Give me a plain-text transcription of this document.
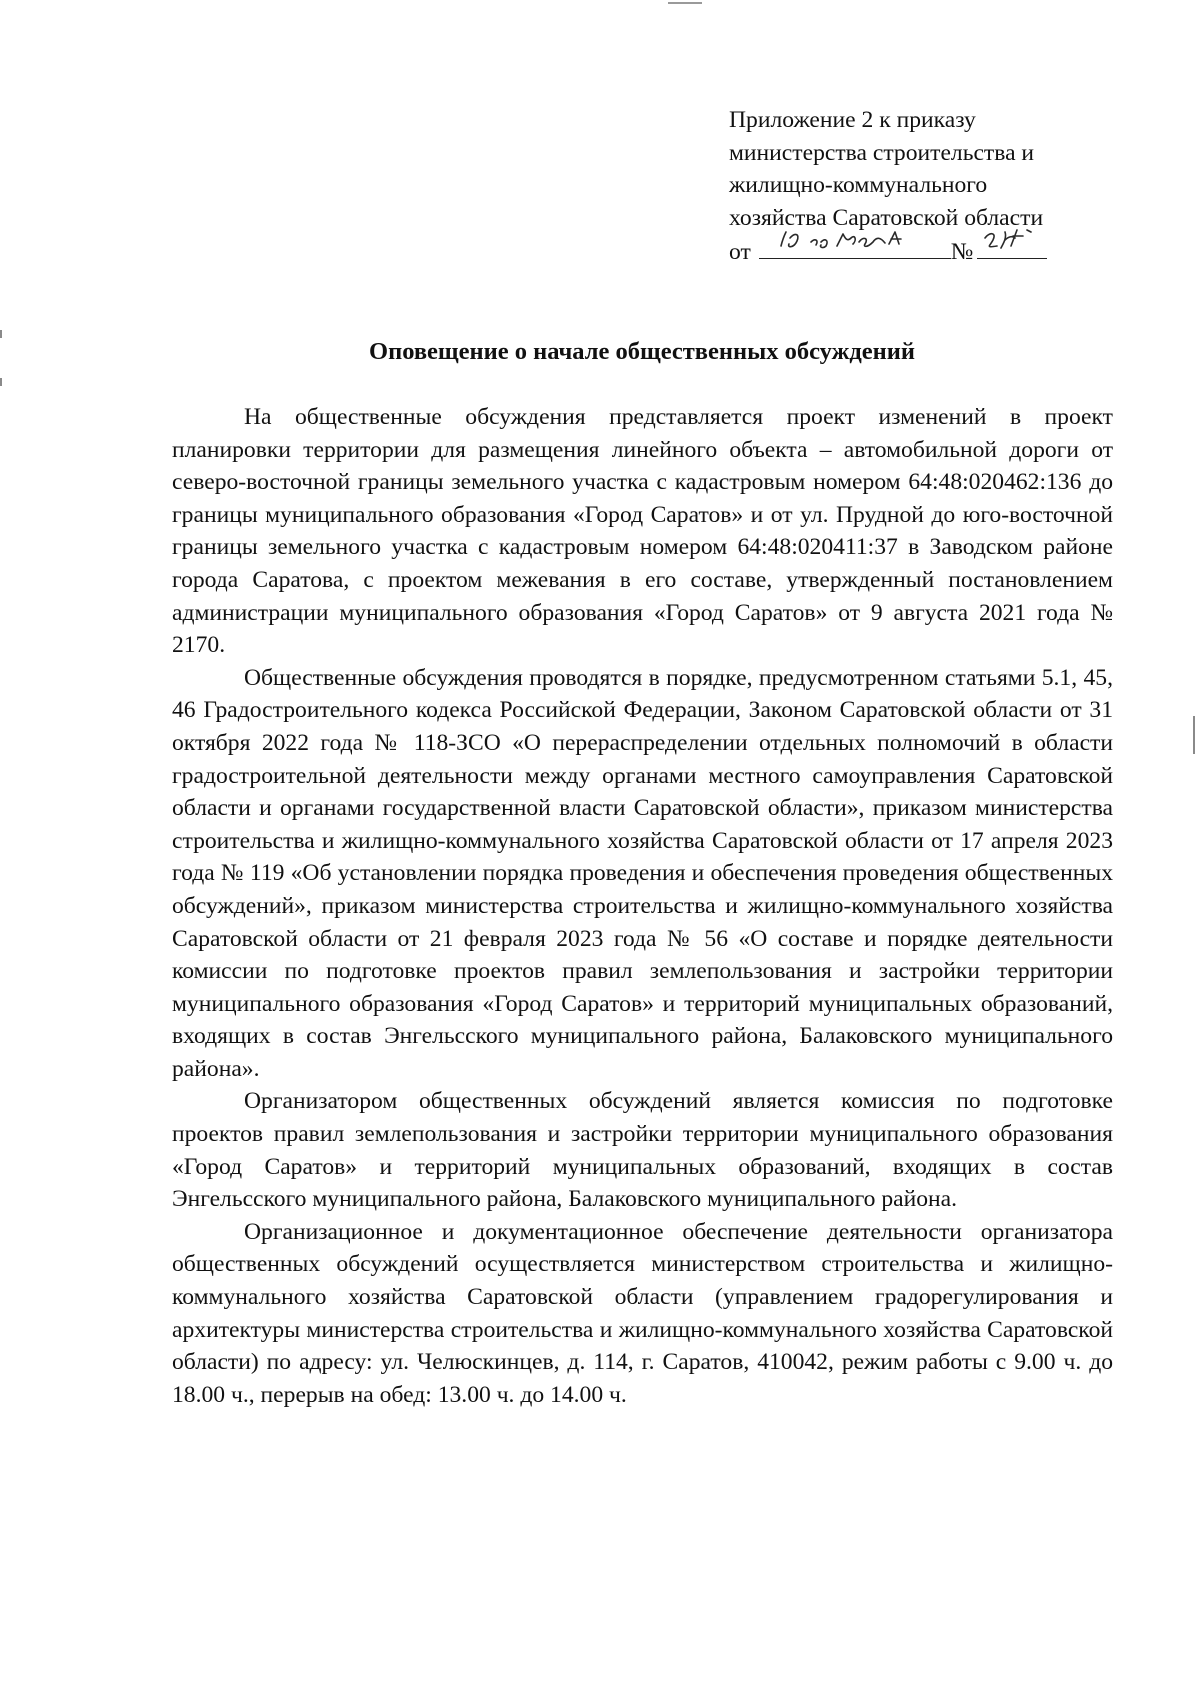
Приложение 2 к приказу
министерства строительства и
жилищно-коммунального
хозяйства Саратовской области
от	№
Оповещение о начале общественных обсуждений

На общественные обсуждения представляется проект изменений в проект планировки территории для размещения линейного объекта – автомобильной дороги от северо-восточной границы земельного участка с кадастровым номером 64:48:020462:136 до границы муниципального образования «Город Саратов» и от ул. Прудной до юго-восточной границы земельного участка с кадастровым номером 64:48:020411:37 в Заводском районе города Саратова, с проектом межевания в его составе, утвержденный постановлением администрации муниципального образования «Город Саратов» от 9 августа 2021 года № 2170.

Общественные обсуждения проводятся в порядке, предусмотренном статьями 5.1, 45, 46 Градостроительного кодекса Российской Федерации, Законом Саратовской области от 31 октября 2022 года № 118-ЗСО «О перераспределении отдельных полномочий в области градостроительной деятельности между органами местного самоуправления Саратовской области и органами государственной власти Саратовской области», приказом министерства строительства и жилищно-коммунального хозяйства Саратовской области от 17 апреля 2023 года № 119 «Об установлении порядка проведения и обеспечения проведения общественных обсуждений», приказом министерства строительства и жилищно-коммунального хозяйства Саратовской области от 21 февраля 2023 года № 56 «О составе и порядке деятельности комиссии по подготовке проектов правил землепользования и застройки территории муниципального образования «Город Саратов» и территорий муниципальных образований, входящих в состав Энгельсского муниципального района, Балаковского муниципального района».

Организатором общественных обсуждений является комиссия по подготовке проектов правил землепользования и застройки территории муниципального образования «Город Саратов» и территорий муниципальных образований, входящих в состав Энгельсского муниципального района, Балаковского муниципального района.

Организационное и документационное обеспечение деятельности организатора общественных обсуждений осуществляется министерством строительства и жилищно-коммунального хозяйства Саратовской области (управлением градорегулирования и архитектуры министерства строительства и жилищно-коммунального хозяйства Саратовской области) по адресу: ул. Челюскинцев, д. 114, г. Саратов, 410042, режим работы с 9.00 ч. до 18.00 ч., перерыв на обед: 13.00 ч. до 14.00 ч.
